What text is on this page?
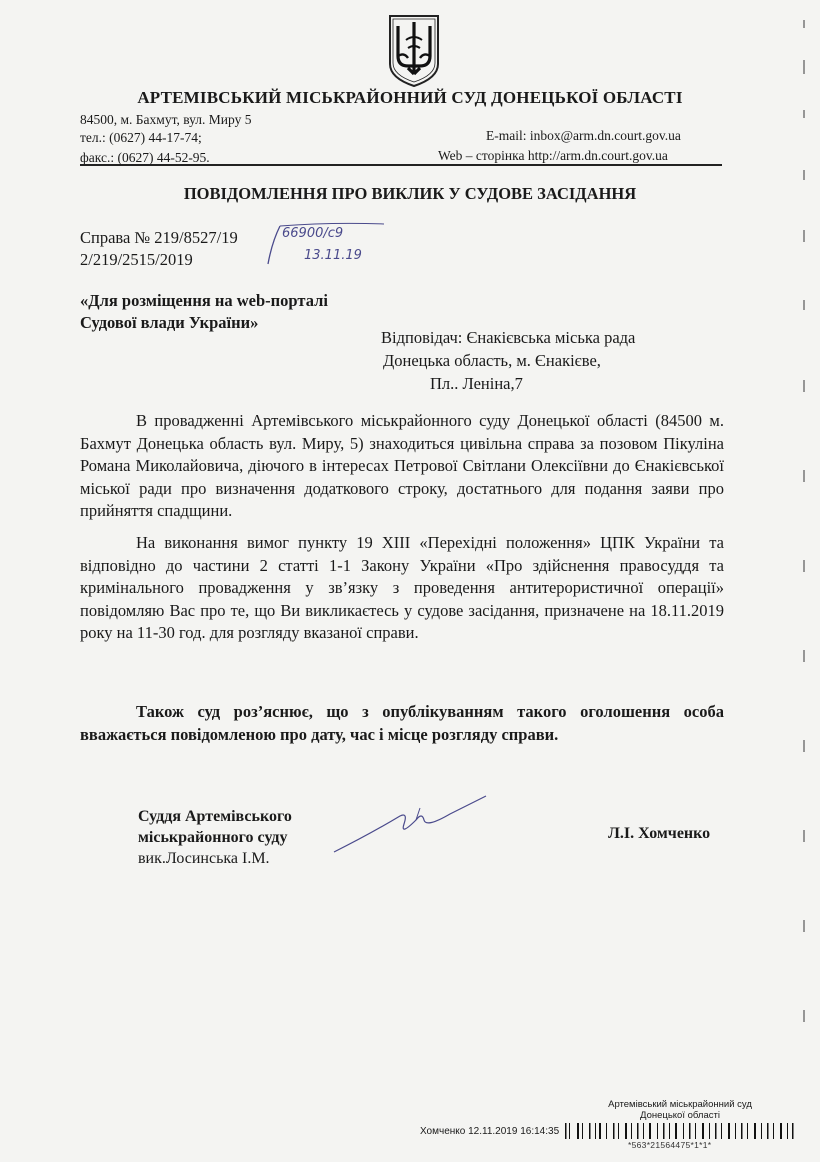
АРТЕМІВСЬКИЙ МІСЬКРАЙОННИЙ СУД ДОНЕЦЬКОЇ ОБЛАСТІ
84500, м. Бахмут, вул. Миру 5
тел.: (0627) 44-17-74;
факс.: (0627) 44-52-95.
E-mail: inbox@arm.dn.court.gov.ua
Web – сторінка http://arm.dn.court.gov.ua
ПОВІДОМЛЕННЯ ПРО ВИКЛИК У СУДОВЕ ЗАСІДАННЯ
Справа № 219/8527/19
2/219/2515/2019
66900/с9
13.11.19
«Для розміщення на web-порталі
Судової влади України»
Відповідач: Єнакієвська міська рада
Донецька область, м. Єнакієве,
Пл.. Леніна,7
В провадженні Артемівського міськрайонного суду Донецької області (84500 м. Бахмут Донецька область вул. Миру, 5) знаходиться цивільна справа за позовом Пікуліна Романа Миколайовича, діючого в інтересах Петрової Світлани Олексіївни до Єнакієвської міської ради про визначення додаткового строку, достатнього для подання заяви про прийняття спадщини.
На виконання вимог пункту 19 XIII «Перехідні положення» ЦПК України та відповідно до частини 2 статті 1-1 Закону України «Про здійснення правосуддя та кримінального провадження у зв’язку з проведення антитерористичної операції» повідомляю Вас про те, що Ви викликаєтесь у судове засідання, призначене на 18.11.2019 року на 11-30 год. для розгляду вказаної справи.
Також суд роз’яснює, що з опублікуванням такого оголошення особа вважається повідомленою про дату, час і місце розгляду справи.
Суддя Артемівського
міськрайонного суду
вик.Лосинська І.М.
Л.І. Хомченко
Артемівський міськрайонний суд
Донецької області
Хомченко 12.11.2019 16:14:35
*563*21564475*1*1*
